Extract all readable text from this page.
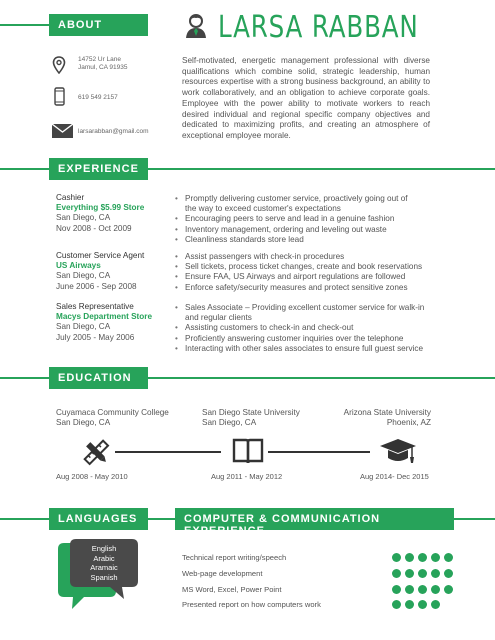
ABOUT	LARSA RABBAN
Self-motivated, energetic management professional with diverse qualifications which combine solid, strategic leadership, human resources expertise with a strong business background, an ability to work collaboratively, and an obligation to achieve corporate goals. Employee with the power ability to motivate workers to reach desired individual and regional specific company objectives and dedicated to maximizing profits, and creating an atmosphere of exceptional employee morale.
14752 Ur Lane
Jamul, CA 91935
619 549 2157
larsarabban@gmail.com
EXPERIENCE
Cashier
Everything $5.99 Store
San Diego, CA
Nov 2008 - Oct 2009
• Promptly delivering customer service, proactively going out of
the way to exceed customer's expectations
• Encouraging peers to serve and lead in a genuine fashion
• Inventory management, ordering and leveling out waste
• Cleanliness standards store lead
Customer Service Agent
US Airways
San Diego, CA
June 2006 - Sep 2008
• Assist passengers with check-in procedures
• Sell tickets, process ticket changes, create and book reservations
• Ensure FAA, US Airways and airport regulations are followed
• Enforce safety/security measures and protect sensitive zones
Sales Representative
Macys Department Store
San Diego, CA
July 2005 - May 2006
• Sales Associate – Providing excellent customer service for walk-in
and regular clients
• Assisting customers to check-in and check-out
• Proficiently answering customer inquiries over the telephone
• Interacting with other sales associates to ensure full guest service
EDUCATION
Cuyamaca Community College
San Diego, CA
San Diego State University
San Diego, CA
Arizona State University
Phoenix, AZ
Aug 2008 - May 2010	Aug 2011 - May 2012	Aug 2014- Dec 2015
LANGUAGES	COMPUTER & COMMUNICATION EXPERIENCE
English
Arabic
Aramaic
Spanish
Technical report writing/speech
Web-page development
MS Word, Excel, Power Point
Presented report on how computers work
